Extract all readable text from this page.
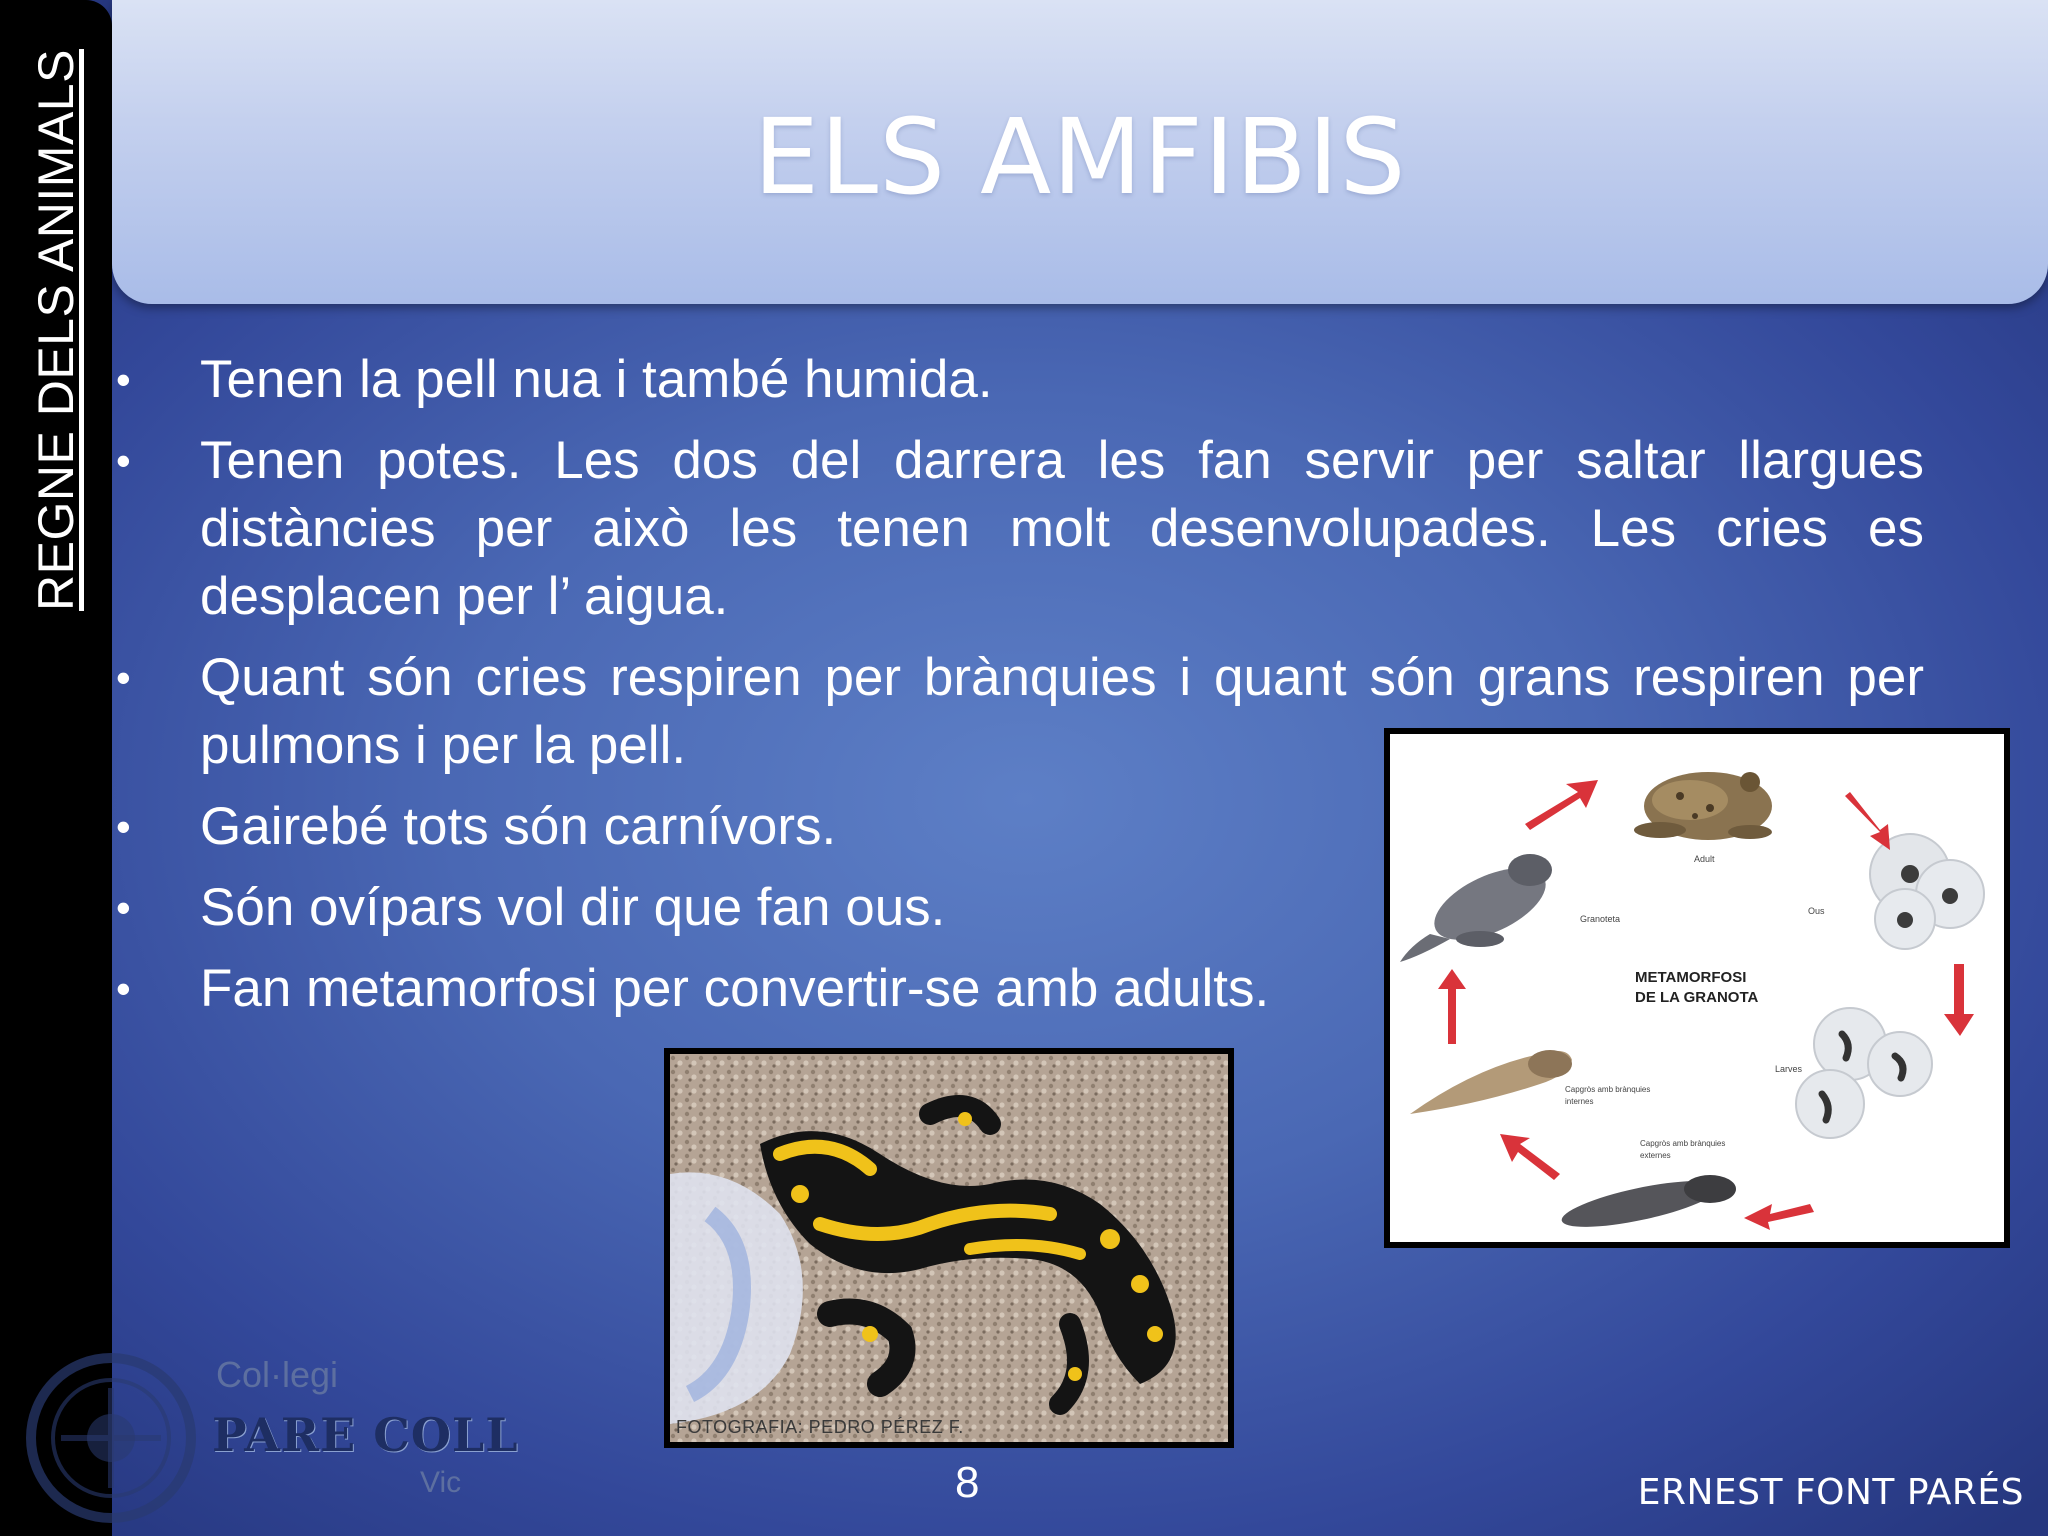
REGNE DELS ANIMALS	ELS AMFIBIS
• Tenen la pell nua i també humida.
• Tenen potes. Les dos del darrera les fan servir per saltar llargues distàncies per això les tenen molt desenvolupades. Les cries es desplacen per l’ aigua.
• Quant són cries respiren per brànquies i quant són grans respiren per pulmons i per la pell.
• Gairebé tots són carnívors.
• Són ovípars vol dir que fan ous.
• Fan metamorfosi per convertir-se amb adults.	METAMORFOSI
DE LA GRANOTA
Adult
Ous
Granoteta
Larves
Capgròs amb brànquies
internes
Capgròs amb brànquies
externes
FOTOGRAFIA: PEDRO PÉREZ F.
Col·legi
PARE COLL
Vic	8	ERNEST FONT PARÉS
